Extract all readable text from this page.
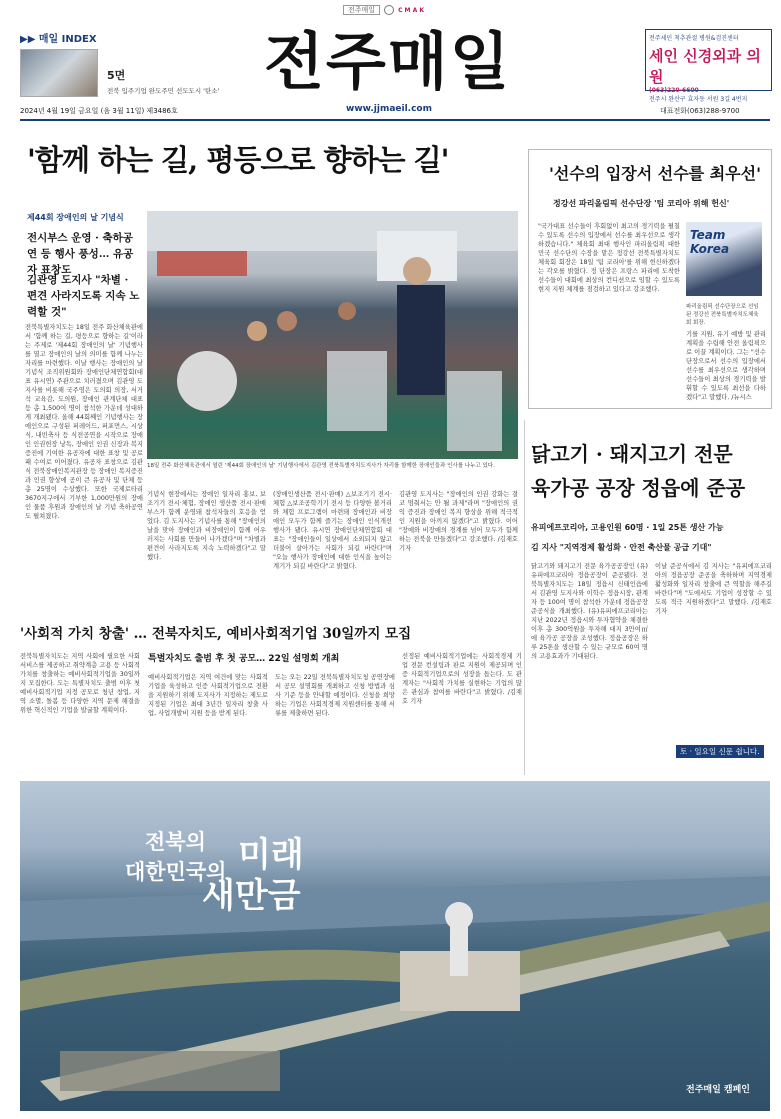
전주매일	C M A K
▶▶ 매일 INDEX
5면
전북 입주기업 완도주민 선도도시 '탄소' 전주매일	전주세인 척추관절 병원&검진센터
세인 신경외과 의원
(063)220-6600
전주시 완산구 효자동 서원 3길 4번지
2024년 4월 19일 금요일 (음 3월 11일) 제3486호	www.jjmaeil.com	대표전화(063)288-9700
'함께 하는 길, 평등으로 향하는 길'
제44회 장애인의 날 기념식
전시부스 운영 · 축하공연 등 행사 풍성… 유공자 표창도
김관영 도지사 "차별 · 편견 사라지도록 지속 노력할 것"
전북특별자치도는 18일 전주 화산체육관에서 '함께 하는 길, 평등으로 향하는 길'이라는 주제로 '제44회 장애인의 날' 기념행사를 열고 장애인의 날의 의미를 함께 나누는 자리를 마련했다. 이날 행사는 장애인의 날 기념식 조직위원회와 장애인단체연합회(대표 유시연) 주관으로 치러졌으며 김관영 도지사를 비롯해 국주영은 도의회 의장, 서거석 교육감, 도의원, 장애인 관계단체 대표 등 총 1,500여 명이 참석한 가운데 성대하게 개최됐다. 올해 44회째인 기념행사는 장애인으로 구성된 퍼레이드, 퍼포먼스, 시상식, 내빈축사 등 식전공연을 시작으로 장애인 인권헌장 낭독, 장애인 인권 신장과 복지증진에 기여한 유공자에 대한 표창 및 공로패 수여로 이어졌다. 유공자 표창으로 김관식 전북장애인복지관장 등 장애인 복지증진과 인권 향상에 공이 큰 유공자 및 단체 등 총 25명이 수상했다. 또한 국제로타리3670지구에서 기부한 1,000만원의 장애인 물품 후원과 장애인의 날 기념 축하공연도 펼쳐졌다.
18일 전주 화산체육관에서 열린 '제44회 장애인의 날' 기념행사에서 김관영 전북특별자치도지사가 자리를 함께한 장애인들과 인사를 나누고 있다.
기념식 현장에서는 장애인 일자리 홍보, 보조기기 전시·체험, 장애인 생산품 전시·판매 부스가 함께 운영돼 참석자들의 호응을 얻었다. 김 도지사는 기념사를 통해 "장애인의 날을 맞아 장애인과 비장애인이 함께 어우러지는 사회를 만들어 나가겠다"며 "차별과 편견이 사라지도록 지속 노력하겠다"고 말했다.
(장애인생산품 전시·판매) △보조기기 전시·체험 △보조공학기기 전시 등 다양한 볼거리와 체험 프로그램이 마련돼 장애인과 비장애인 모두가 함께 즐기는 장애인 인식개선 행사가 됐다. 유시연 장애인단체연합회 대표는 "장애인들이 일상에서 소외되지 않고 더불어 살아가는 사회가 되길 바란다"며 "오늘 행사가 장애인에 대한 인식을 높이는 계기가 되길 바란다"고 밝혔다.
김관영 도지사는 "장애인의 인권 강화는 결코 멈춰서는 안 될 과제"라며 "장애인의 권익 증진과 장애인 복지 향상을 위해 적극적인 지원을 아끼지 않겠다"고 밝혔다. 이어 "장애와 비장애의 경계를 넘어 모두가 함께하는 전북을 만들겠다"고 강조했다. /김재호 기자
'선수의 입장서 선수를 최우선'
정강선 파리올림픽 선수단장 '팀 코리아 위해 헌신'
"국가대표 선수들이 후회없이 최고의 경기력을 펼칠 수 있도록 선수의 입장에서 선수를 최우선으로 생각하겠습니다." 체육회 최대 행사인 파리올림픽 대한민국 선수단의 수장을 맡은 정강선 전북특별자치도체육회 회장은 18일 '팀 코리아'를 위해 헌신하겠다는 각오를 밝혔다. 정 단장은 프랑스 파리에 도착한 선수들이 대회에 최상의 컨디션으로 임할 수 있도록 현지 지원 체계를 점검하고 있다고 강조했다.
Team Korea
파리올림픽 선수단장으로 선임된 정강선 전북특별자치도체육회 회장.
기를 지원, 유기 예방 및 관리 계획을 수립해 안전 올림픽으로 이끌 계획이다. 그는 "선수단장으로서 선수의 입장에서 선수를 최우선으로 생각하며 선수들이 최상의 경기력을 발휘할 수 있도록 최선을 다하겠다"고 말했다. /뉴시스
닭고기 · 돼지고기 전문
육가공 공장 정읍에 준공
유피에프코리아, 고용인원 60명 · 1일 25톤 생산 가능
김 지사 "지역경제 활성화 · 안전 축산물 공급 기대"
닭고기와 돼지고기 전문 육가공공장인 (유)유피에프코리아 정읍공장이 준공됐다. 전북특별자치도는 18일 정읍시 신태인읍에서 김관영 도지사와 이학수 정읍시장, 관계자 등 100여 명이 참석한 가운데 정읍공장 준공식을 개최했다. (유)유피에프코리아는 지난 2022년 정읍시와 투자협약을 체결한 이후 총 300억원을 투자해 대지 3만여㎡에 육가공 공장을 조성했다. 정읍공장은 하루 25톤을 생산할 수 있는 규모로 60여 명의 고용효과가 기대된다.
이날 준공식에서 김 지사는 "유피에프코리아의 정읍공장 준공을 축하하며 지역경제 활성화와 일자리 창출에 큰 역할을 해주길 바란다"며 "도에서도 기업이 성장할 수 있도록 적극 지원하겠다"고 말했다. /김재호 기자
토 · 일요일 신문 쉽니다.
'사회적 가치 창출' … 전북자치도, 예비사회적기업 30일까지 모집
전북특별자치도는 지역 사회에 필요한 사회서비스를 제공하고 취약계층 고용 등 사회적 가치를 창출하는 예비사회적기업을 30일까지 모집한다. 도는 특별자치도 출범 이후 첫 예비사회적기업 지정 공모로 청년 창업, 지역 소멸, 돌봄 등 다양한 지역 문제 해결을 위한 혁신적인 기업을 발굴할 계획이다.
특별자치도 출범 후 첫 공모… 22일 설명회 개최
예비사회적기업은 지역 여건에 맞는 사회적기업을 육성하고 인증 사회적기업으로 전환을 지원하기 위해 도지사가 지정하는 제도로 지정된 기업은 최대 3년간 일자리 창출 사업, 사업개발비 지원 등을 받게 된다.
도는 오는 22일 전북특별자치도청 공연장에서 공모 설명회를 개최하고 신청 방법과 심사 기준 등을 안내할 예정이다. 신청을 희망하는 기업은 사회적경제 지원센터를 통해 서류를 제출하면 된다.
선정된 예비사회적기업에는 사회적경제 기업 전문 컨설팅과 판로 지원이 제공되며 인증 사회적기업으로의 성장을 돕는다. 도 관계자는 "사회적 가치를 실현하는 기업의 많은 관심과 참여를 바란다"고 밝혔다. /김재호 기자
전북의
대한민국의 미래
새만금
전주매일 캠페인
